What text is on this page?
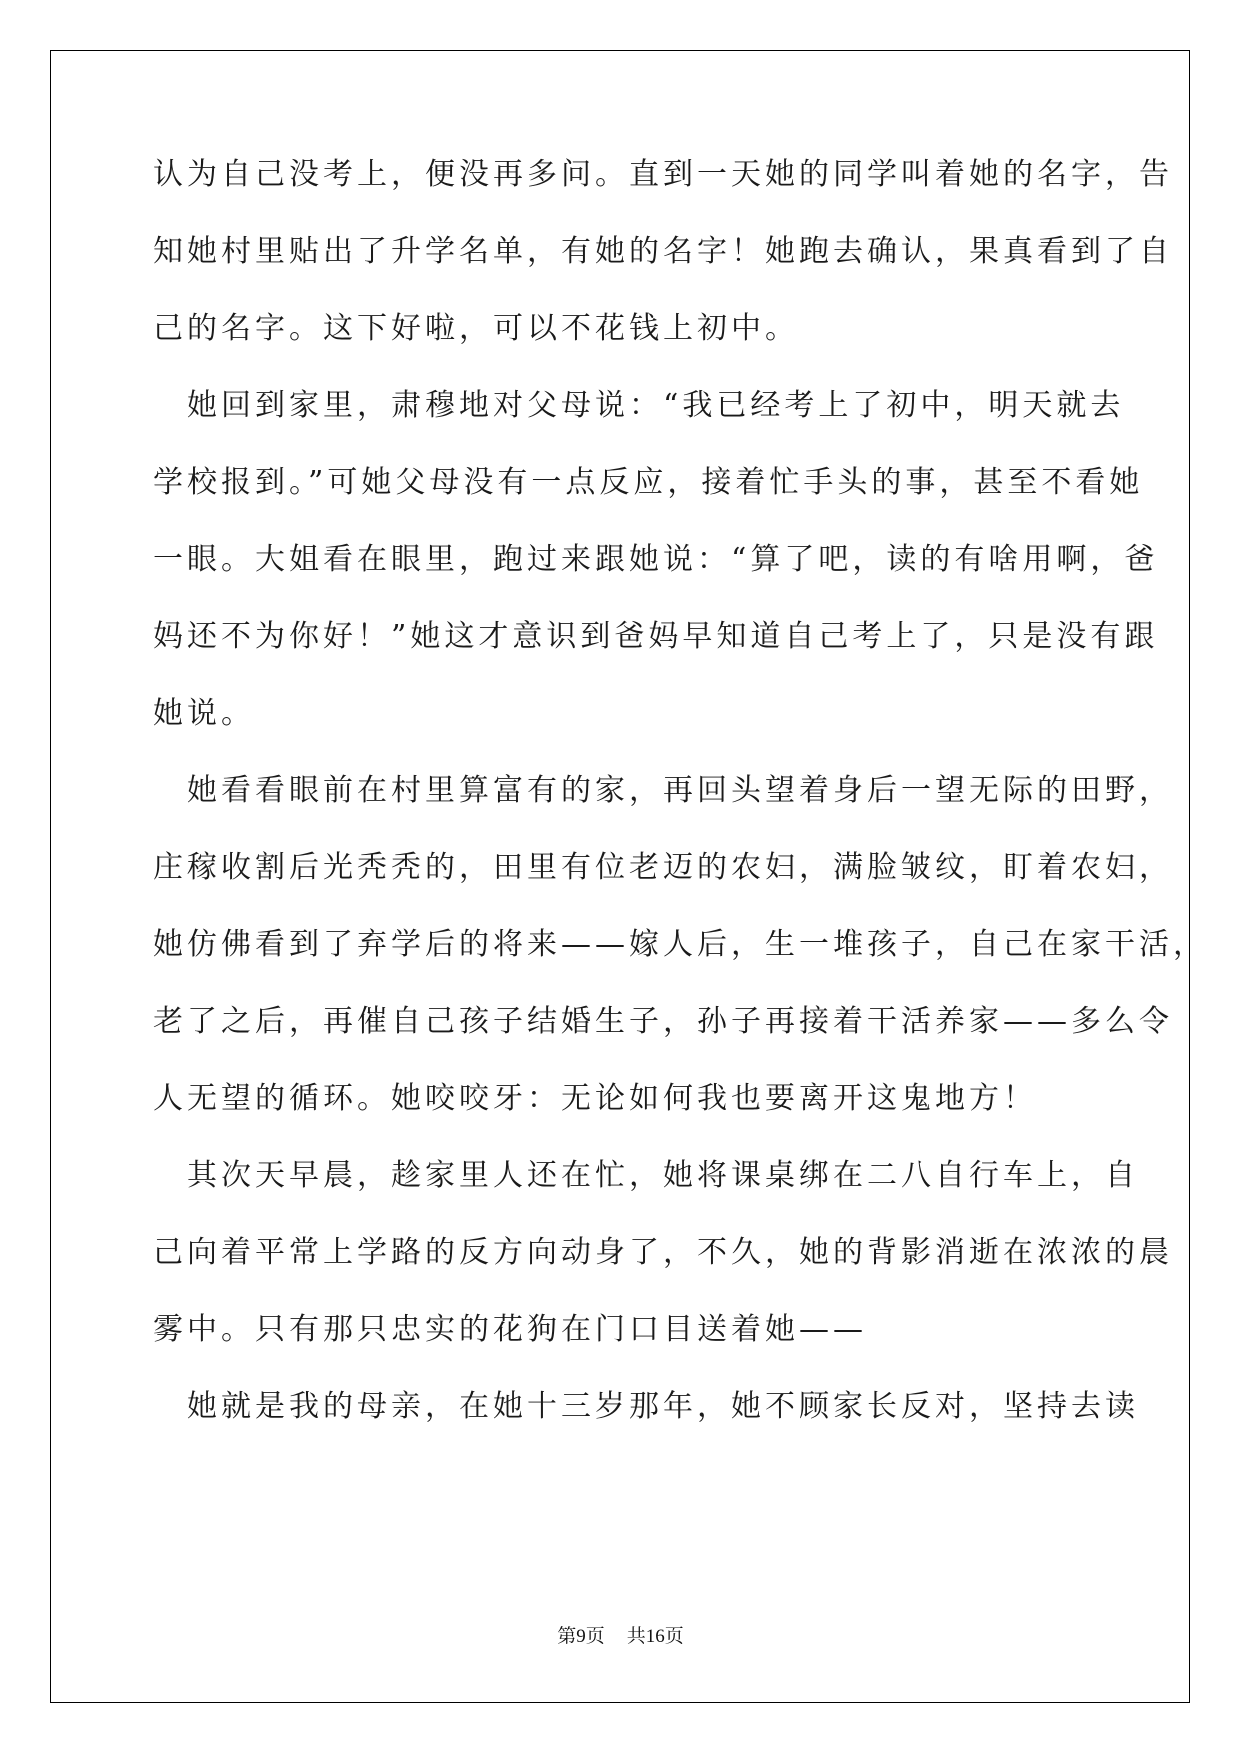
认为自己没考上，便没再多问。直到一天她的同学叫着她的名字，告
知她村里贴出了升学名单，有她的名字！她跑去确认，果真看到了自
己的名字。这下好啦，可以不花钱上初中。
　她回到家里，肃穆地对父母说：“我已经考上了初中，明天就去
学校报到。”可她父母没有一点反应，接着忙手头的事，甚至不看她
一眼。大姐看在眼里，跑过来跟她说：“算了吧，读的有啥用啊，爸
妈还不为你好！”她这才意识到爸妈早知道自己考上了，只是没有跟
她说。
　她看看眼前在村里算富有的家，再回头望着身后一望无际的田野，
庄稼收割后光秃秃的，田里有位老迈的农妇，满脸皱纹，盯着农妇，
她仿佛看到了弃学后的将来——嫁人后，生一堆孩子，自己在家干活，
老了之后，再催自己孩子结婚生子，孙子再接着干活养家——多么令
人无望的循环。她咬咬牙：无论如何我也要离开这鬼地方！
　其次天早晨，趁家里人还在忙，她将课桌绑在二八自行车上，自
己向着平常上学路的反方向动身了，不久，她的背影消逝在浓浓的晨
雾中。只有那只忠实的花狗在门口目送着她——
　她就是我的母亲，在她十三岁那年，她不顾家长反对，坚持去读
第9页 共16页
